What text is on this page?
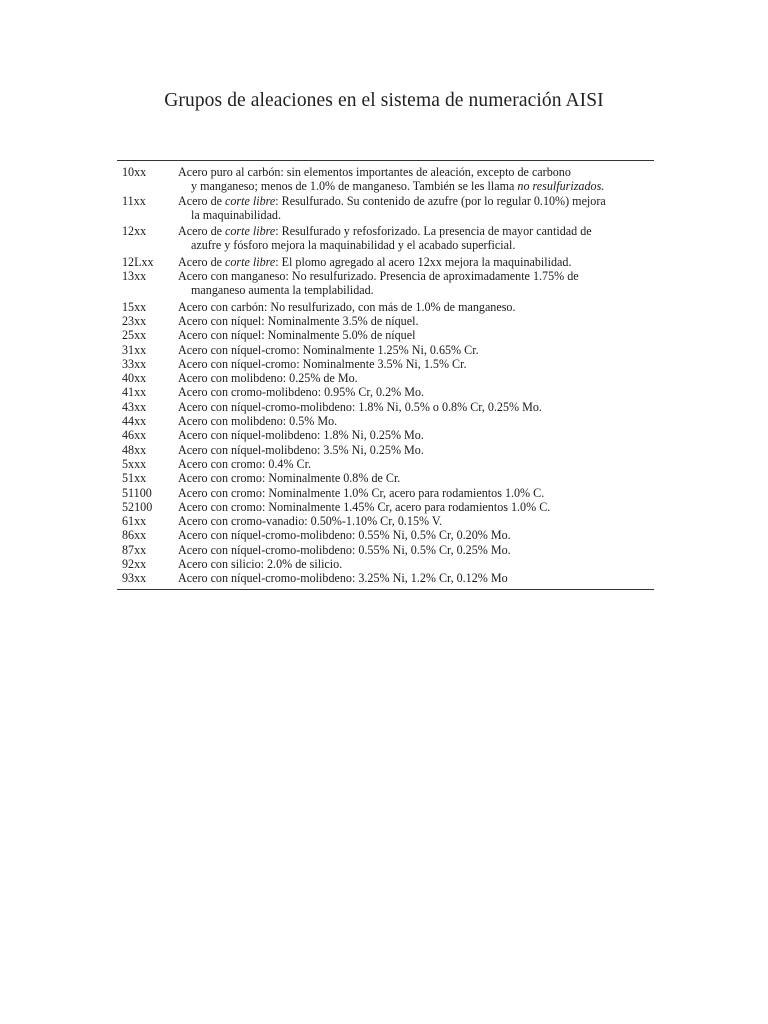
Grupos de aleaciones en el sistema de numeración AISI
10xx	Acero puro al carbón: sin elementos importantes de aleación, excepto de carbono
y manganeso; menos de 1.0% de manganeso. También se les llama no resulfurizados.
11xx	Acero de corte libre: Resulfurado. Su contenido de azufre (por lo regular 0.10%) mejora
la maquinabilidad.
12xx	Acero de corte libre: Resulfurado y refosforizado. La presencia de mayor cantidad de
azufre y fósforo mejora la maquinabilidad y el acabado superficial.
12Lxx	Acero de corte libre: El plomo agregado al acero 12xx mejora la maquinabilidad.
13xx	Acero con manganeso: No resulfurizado. Presencia de aproximadamente 1.75% de
manganeso aumenta la templabilidad.
15xx	Acero con carbón: No resulfurizado, con más de 1.0% de manganeso.
23xx	Acero con níquel: Nominalmente 3.5% de níquel.
25xx	Acero con níquel: Nominalmente 5.0% de níquel
31xx	Acero con níquel-cromo: Nominalmente 1.25% Ni, 0.65% Cr.
33xx	Acero con níquel-cromo: Nominalmente 3.5% Ni, 1.5% Cr.
40xx	Acero con molibdeno: 0.25% de Mo.
41xx	Acero con cromo-molibdeno: 0.95% Cr, 0.2% Mo.
43xx	Acero con níquel-cromo-molibdeno: 1.8% Ni, 0.5% o 0.8% Cr, 0.25% Mo.
44xx	Acero con molibdeno: 0.5% Mo.
46xx	Acero con níquel-molibdeno: 1.8% Ni, 0.25% Mo.
48xx	Acero con níquel-molibdeno: 3.5% Ni, 0.25% Mo.
5xxx	Acero con cromo: 0.4% Cr.
51xx	Acero con cromo: Nominalmente 0.8% de Cr.
51100	Acero con cromo: Nominalmente 1.0% Cr, acero para rodamientos 1.0% C.
52100	Acero con cromo: Nominalmente 1.45% Cr, acero para rodamientos 1.0% C.
61xx	Acero con cromo-vanadio: 0.50%-1.10% Cr, 0.15% V.
86xx	Acero con níquel-cromo-molibdeno: 0.55% Ni, 0.5% Cr, 0.20% Mo.
87xx	Acero con níquel-cromo-molibdeno: 0.55% Ni, 0.5% Cr, 0.25% Mo.
92xx	Acero con silicio: 2.0% de silicio.
93xx	Acero con níquel-cromo-molibdeno: 3.25% Ni, 1.2% Cr, 0.12% Mo
